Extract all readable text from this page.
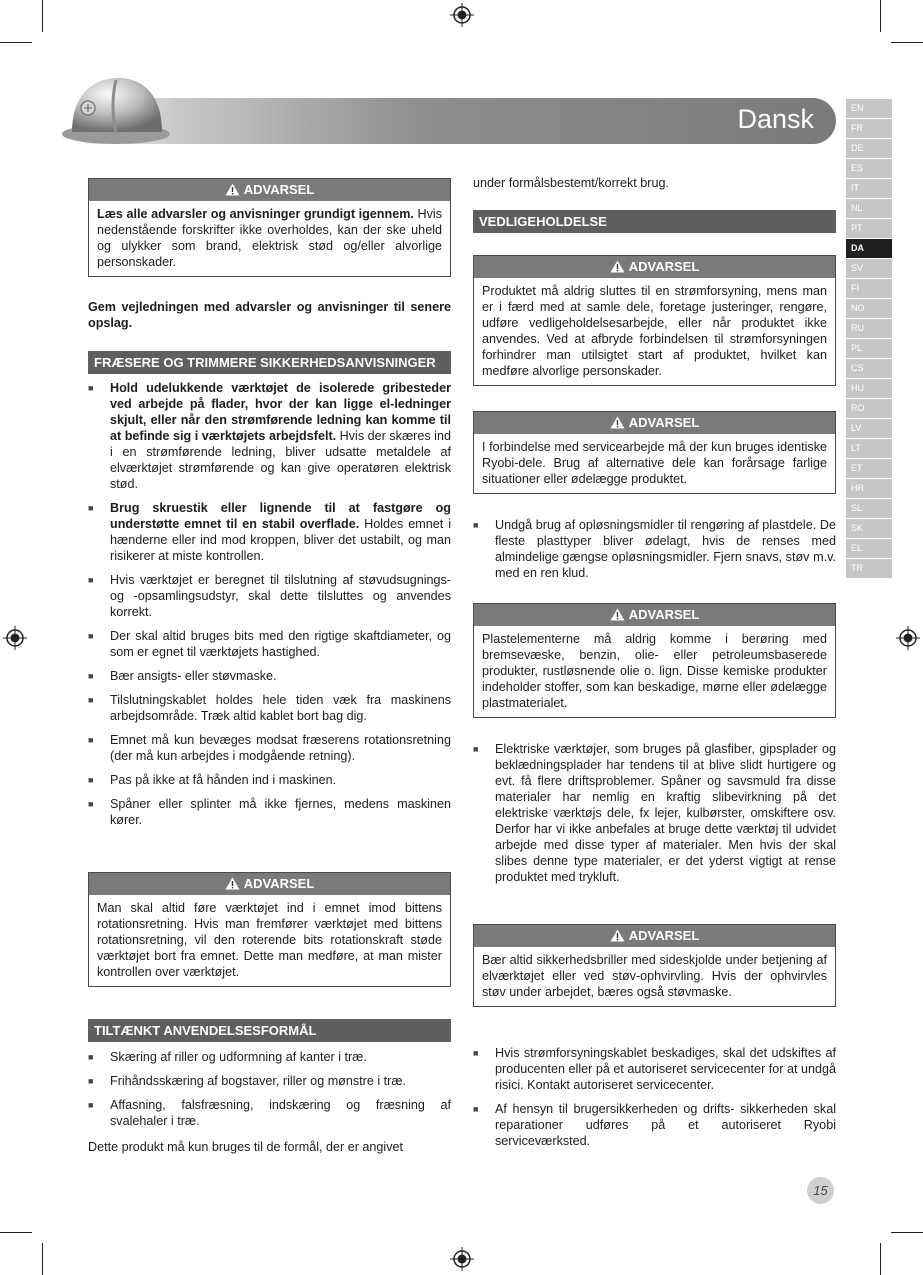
Dansk	EN
FR
DE
ES
IT
NL
PT
DA
SV
FI
NO
RU
PL
CS
HU
RO
LV
LT
ET
HR
SL
SK
EL
TR
ADVARSEL
Læs alle advarsler og anvisninger grundigt igennem. Hvis nedenstående forskrifter ikke overholdes, kan der ske uheld og ulykker som brand, elektrisk stød og/eller alvorlige personskader.
Gem vejledningen med advarsler og anvisninger til senere opslag.
FRÆSERE OG TRIMMERE SIKKERHEDSANVISNINGER
■ Hold udelukkende værktøjet de isolerede gribesteder ved arbejde på flader, hvor der kan ligge el-ledninger skjult, eller når den strømførende ledning kan komme til at befinde sig i værktøjets arbejdsfelt. Hvis der skæres ind i en strømførende ledning, bliver udsatte metaldele af elværktøjet strømførende og kan give operatøren elektrisk stød.
■ Brug skruestik eller lignende til at fastgøre og understøtte emnet til en stabil overflade. Holdes emnet i hænderne eller ind mod kroppen, bliver det ustabilt, og man risikerer at miste kontrollen.
■ Hvis værktøjet er beregnet til tilslutning af støvudsugnings- og -opsamlingsudstyr, skal dette tilsluttes og anvendes korrekt.
■ Der skal altid bruges bits med den rigtige skaftdiameter, og som er egnet til værktøjets hastighed.
■ Bær ansigts- eller støvmaske.
■ Tilslutningskablet holdes hele tiden væk fra maskinens arbejdsområde. Træk altid kablet bort bag dig.
■ Emnet må kun bevæges modsat fræserens rotationsretning (der må kun arbejdes i modgående retning).
■ Pas på ikke at få hånden ind i maskinen.
■ Spåner eller splinter må ikke fjernes, medens maskinen kører.
ADVARSEL
Man skal altid føre værktøjet ind i emnet imod bittens rotationsretning. Hvis man fremfører værktøjet med bittens rotationsretning, vil den roterende bits rotationskraft støde værktøjet bort fra emnet. Dette man medføre, at man mister kontrollen over værktøjet.
TILTÆNKT ANVENDELSESFORMÅL
■ Skæring af riller og udformning af kanter i træ.
■ Frihåndsskæring af bogstaver, riller og mønstre i træ.
■ Affasning, falsfræsning, indskæring og fræsning af svalehaler i træ.
Dette produkt må kun bruges til de formål, der er angivet
under formålsbestemt/korrekt brug.
VEDLIGEHOLDELSE
ADVARSEL
Produktet må aldrig sluttes til en strømforsyning, mens man er i færd med at samle dele, foretage justeringer, rengøre, udføre vedligeholdelsesarbejde, eller når produktet ikke anvendes. Ved at afbryde forbindelsen til strømforsyningen forhindrer man utilsigtet start af produktet, hvilket kan medføre alvorlige personskader.
ADVARSEL
I forbindelse med servicearbejde må der kun bruges identiske Ryobi-dele. Brug af alternative dele kan forårsage farlige situationer eller ødelægge produktet.
■ Undgå brug af opløsningsmidler til rengøring af plastdele. De fleste plasttyper bliver ødelagt, hvis de renses med almindelige gængse opløsningsmidler. Fjern snavs, støv m.v. med en ren klud.
ADVARSEL
Plastelementerne må aldrig komme i berøring med bremsevæske, benzin, olie- eller petroleumsbaserede produkter, rustløsnende olie o. lign. Disse kemiske produkter indeholder stoffer, som kan beskadige, mørne eller ødelægge plastmaterialet.
■ Elektriske værktøjer, som bruges på glasfiber, gipsplader og beklædningsplader har tendens til at blive slidt hurtigere og evt. få flere driftsproblemer. Spåner og savsmuld fra disse materialer har nemlig en kraftig slibevirkning på det elektriske værktøjs dele, fx lejer, kulbørster, omskiftere osv. Derfor har vi ikke anbefales at bruge dette værktøj til udvidet arbejde med disse typer af materialer. Men hvis der skal slibes denne type materialer, er det yderst vigtigt at rense produktet med trykluft.
ADVARSEL
Bær altid sikkerhedsbriller med sideskjolde under betjening af elværktøjet eller ved støv-ophvirvling. Hvis der ophvirvles støv under arbejdet, bæres også støvmaske.
■ Hvis strømforsyningskablet beskadiges, skal det udskiftes af producenten eller på et autoriseret servicecenter for at undgå risici. Kontakt autoriseret servicecenter.
■ Af hensyn til brugersikkerheden og drifts- sikkerheden skal reparationer udføres på et autoriseret Ryobi serviceværksted.
15
